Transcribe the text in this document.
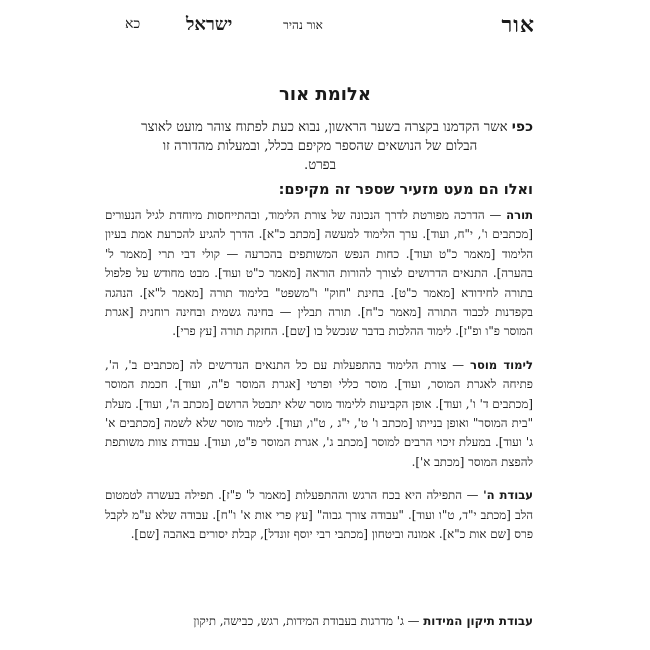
אור
אור נהיר
ישראל
כא
אלומת אור
כפי אשר הקדמנו בקצרה בשער הראשון, נבוא כעת לפתוח צוהר מועט לאוצר
הבלום של הנושאים שהספר מקיפם בכלל, ובמעלות מהדורה זו בפרט.
ואלו הם מעט מזעיר שספר זה מקיפם:

תורה — הדרכה מפורטת לדרך הנכונה של צורת הלימוד, ובהתייחסות מיוחדת לגיל הנעורים [מכתבים ו', י"ח, ועוד]. ערך הלימוד למעשה [מכתב כ"א]. הדרך להגיע להכרעת אמת בעיון הלימוד [מאמר כ"ט ועוד]. כחות הנפש המשותפים בהכרעה — קולי דבי תרי [מאמר ל' בהערה]. התנאים הדרושים לצורך להורות הוראה [מאמר כ"ט ועוד]. מבט מחודש על פלפול בתורה לחידודא [מאמר כ"ט]. בחינת "חוק" ו"משפט" בלימוד תורה [מאמר ל"א]. הנהגה בקפדנות לכבוד התורה [מאמר כ"ח]. תורה תבלין — בחינה גשמית ובחינה רוחנית [אגרת המוסר פ"ו ופ"ז]. לימוד ההלכות בדבר שנכשל בו [שם]. החזקת תורה [עץ פרי].

לימוד מוסר — צורת הלימוד בהתפעלות עם כל התנאים הנדרשים לה [מכתבים ב', ה', פתיחה לאגרת המוסר, ועוד]. מוסר כללי ופרטי [אגרת המוסר פ"ה, ועוד]. חכמת המוסר [מכתבים ד' ו', ועוד]. אופן הקביעות ללימוד מוסר שלא יתבטל הרושם [מכתב ה', ועוד]. מעלת "בית המוסר" ואופן בנייתו [מכתב ו' ט', י"ג , ט"ו, ועוד]. לימוד מוסר שלא לשמה [מכתבים א' ג' ועוד]. במעלת זיכוי הרבים למוסר [מכתב ג', אגרת המוסר פ"ט, ועוד]. עבודת צוות משותפת להפצת המוסר [מכתב א'].

עבודת ה' — התפילה היא בכח הרגש וההתפעלות [מאמר ל' פ"ז]. תפילה בעשרה לטמטום הלב [מכתב י"ד, ט"ו ועוד]. "עבודה צורך גבוה" [עץ פרי אות א' ו"ח]. עבודה שלא ע"מ לקבל פרס [שם אות כ"א]. אמונה וביטחון [מכתבי רבי יוסף זונדל], קבלת יסורים באהבה [שם].

עבודת תיקון המידות — ג' מדרגות בעבודת המידות, רגש, כבישה, תיקון
